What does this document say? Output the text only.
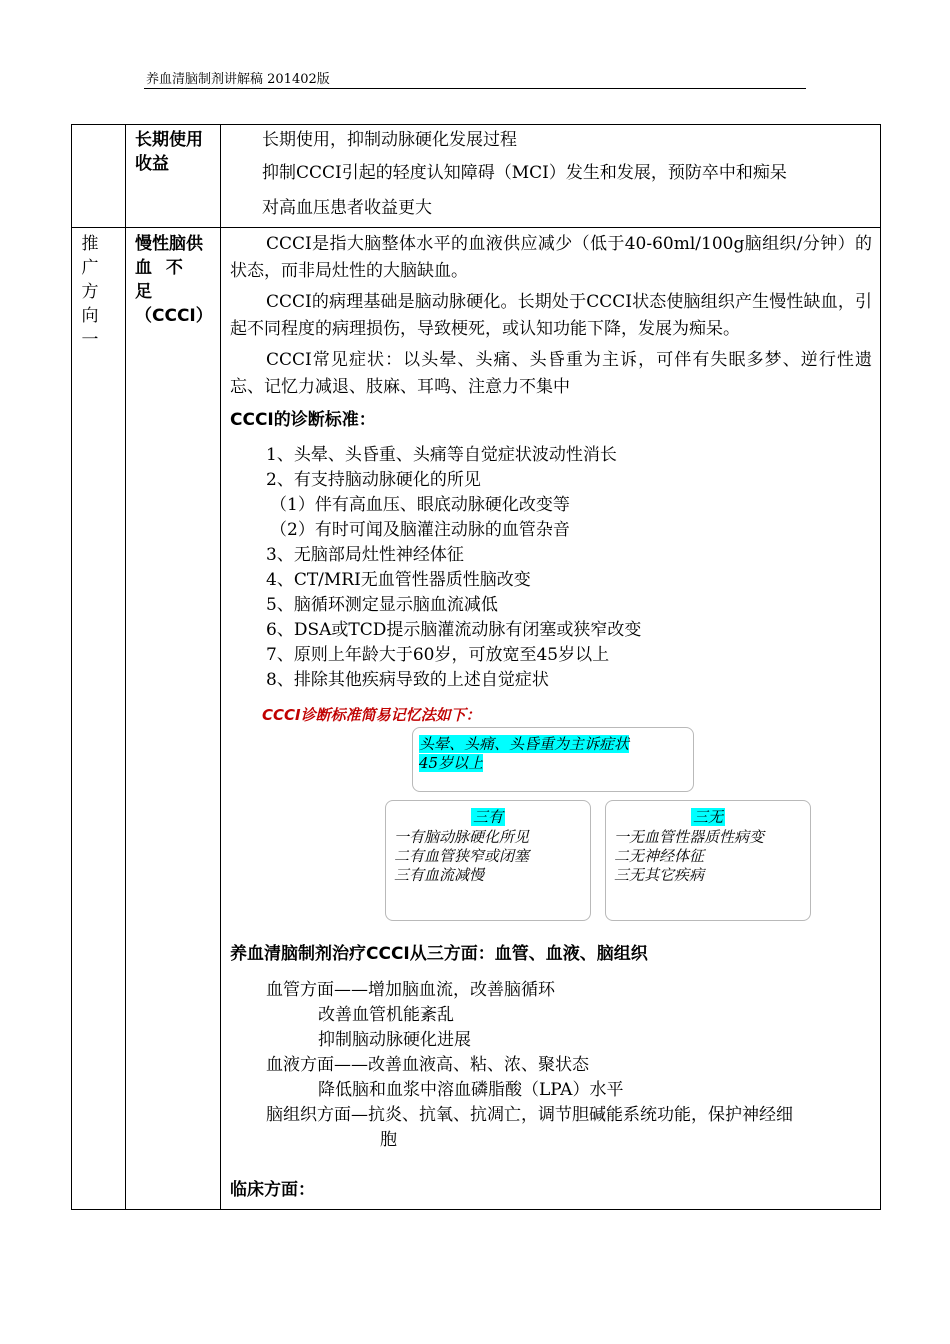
养血清脑制剂讲解稿 201402版
长期使用收益
长期使用，抑制动脉硬化发展过程
抑制CCCI引起的轻度认知障碍（MCI）发生和发展，预防卒中和痴呆
对高血压患者收益更大
推
广
方
向
一
慢性脑供
血 不 足
（CCCI）
CCCI是指大脑整体水平的血液供应减少（低于40-60ml/100g脑组织/分钟）的状态，而非局灶性的大脑缺血。
CCCI的病理基础是脑动脉硬化。长期处于CCCI状态使脑组织产生慢性缺血，引起不同程度的病理损伤，导致梗死，或认知功能下降，发展为痴呆。
CCCI常见症状：以头晕、头痛、头昏重为主诉，可伴有失眠多梦、逆行性遗忘、记忆力减退、肢麻、耳鸣、注意力不集中
CCCI的诊断标准：
1、头晕、头昏重、头痛等自觉症状波动性消长
2、有支持脑动脉硬化的所见
（1）伴有高血压、眼底动脉硬化改变等
（2）有时可闻及脑灌注动脉的血管杂音
3、无脑部局灶性神经体征
4、CT/MRI无血管性器质性脑改变
5、脑循环测定显示脑血流减低
6、DSA或TCD提示脑灌流动脉有闭塞或狭窄改变
7、原则上年龄大于60岁，可放宽至45岁以上
8、排除其他疾病导致的上述自觉症状
CCCI诊断标准简易记忆法如下：
头晕、头痛、头昏重为主诉症状
45岁以上
三有
一有脑动脉硬化所见
二有血管狭窄或闭塞
三有血流减慢
三无
一无血管性器质性病变
二无神经体征
三无其它疾病
养血清脑制剂治疗CCCI从三方面：血管、血液、脑组织
血管方面——增加脑血流，改善脑循环
改善血管机能紊乱
抑制脑动脉硬化进展
血液方面——改善血液高、粘、浓、聚状态
降低脑和血浆中溶血磷脂酸（LPA）水平
脑组织方面—抗炎、抗氧、抗凋亡，调节胆碱能系统功能，保护神经细
胞
临床方面：
